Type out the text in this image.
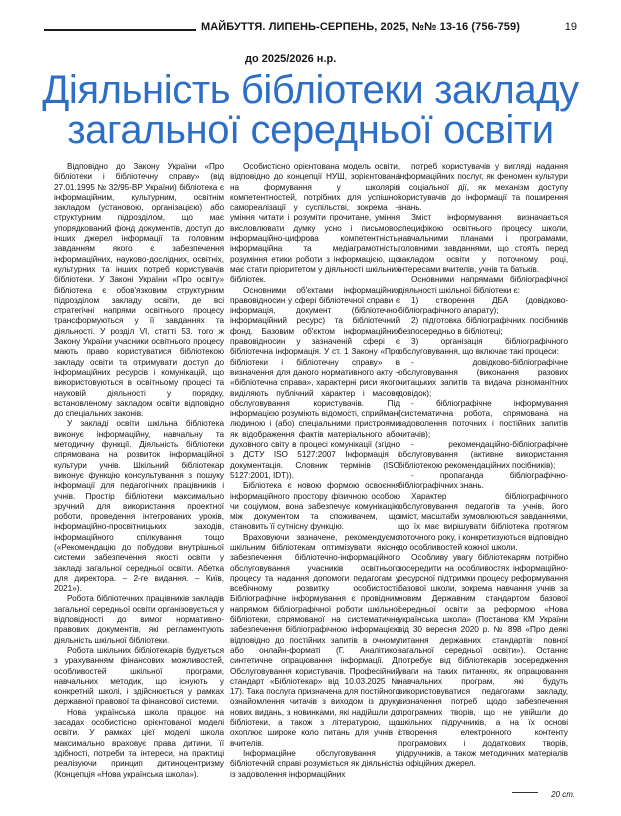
МАЙБУТТЯ. ЛИПЕНЬ-СЕРПЕНЬ, 2025, №№ 13-16 (756-759)	19
до 2025/2026 н.р.
Діяльність бібліотеки закладу
загальної середньої освіти

Відповідно до Закону України «Про бібліотеки і бібліотечну справу» (від 27.01.1995 № 32/95-ВР України) бібліотека є інформаційним, культурним, освітнім закладом (установою, організацією) або структурним підрозділом, що має упорядкований фонд документів, доступ до інших джерел інформації та головним завданням якого є забезпечення інформаційних, науково-дослідних, освітніх, культурних та інших потреб користувачів бібліотеки. У Законі України «Про освіту» бібліотека є обов'язковим структурним підрозділом закладу освіти, де всі стратегічні напрями освітнього процесу трансформуються у її завданнях та діяльності. У розділ VI, статті 53. того ж Закону України учасники освітнього процесу мають право користуватися бібліотекою закладу освіти та отримувати доступ до інформаційних ресурсів і комунікацій, що використовуються в освітньому процесі та науковій діяльності у порядку, встановленому закладом освіти відповідно до спеціальних законів.

У закладі освіти шкільна бібліотека виконує інформаційну, навчальну та методичну функції. Діяльність бібліотеки спрямована на розвиток інформаційної культури учнів. Шкільний бібліотекар виконує функцію консультування з пошуку інформації для педагогічних працівників і учнів. Простір бібліотеки максимально зручний для використання проектної роботи, проведення інтегрованих уроків, інформаційно-просвітницьких заходів, інформаційного спілкування тощо («Рекомендацію до побудови внутрішньої системи забезпечення якості освіти у закладі загальної середньої освіти. Абетка для директора. – 2-ге видання. – Київ, 2021»).

Робота бібліотечних працівників закладів загальної середньої освіти організовується у відповідності до вимог нормативно-правових документів, які регламентують діяльність шкільної бібліотеки.

Робота шкільних бібліотекарів будується з урахуванням фінансових можливостей, особливостей шкільної програми, навчальних методик, що існують у конкретній школі, і здійснюється у рамках державної правової та фінансової системи.

Нова українська школа працює на засадах особистісно орієнтованої моделі освіти. У рамках цієї моделі школа максимально враховує права дитини, її здібності, потреби та інтереси, на практиці реалізуючи принцип дитиноцентризму (Концепція «Нова українська школа»).

Особистісно орієнтована модель освіти, відповідно до концепції НУШ, зорієнтована на формування у школярів компетентностей, потрібних для успішної самореалізації у суспільстві, зокрема – уміння читати і розуміти прочитане, уміння висловлювати думку усно і письмово, інформаційно-цифрова компетентність, інформаційна та медіаграмотність, розуміння етики роботи з інформацією, що має стати пріоритетом у діяльності шкільних бібліотек.

Основними об'єктами інформаційних правовідносин у сфері бібліотечної справи є інформація, документ (бібліотечно-інформаційний ресурс) та бібліотечний фонд. Базовим об'єктом інформаційних правовідносин у зазначеній сфері є бібліотечна інформація. У ст. 1 Закону «Про бібліотеки і бібліотечну справу» в визначення для даного нормативного акту – «бібліотечна справа», характерні риси якого виділяють публічний характер і масове обслуговування користувачів. Під інформацією розуміють відомості, сприймані людиною і (або) спеціальними пристроями як відображення фактів матеріального або духовного світу в процесі комунікації (згідно з ДСТУ ISO 5127:2007 Інформація і документація. Словник термінів (ISO 5127:2001, IDT)).

Бібліотека є новою формою освоєння інформаційного простору фізичною особою чи соціумом, вона забезпечує комунікацію між документом та споживачем, що становить її сутнісну функцію.

Враховуючи зазначене, рекомендуємо шкільним бібліотекам оптимізувати якісне забезпечення бібліотечно-інформаційного обслуговування учасників освітнього процесу та надання допомоги педагогам у всебічному розвитку особистості. Бібліографічне інформування є провідним напрямом бібліографічної роботи шкільної бібліотеки, спрямованої на систематичне забезпечення бібліографічною інформацією відповідно до постійних запитів в очному або онлайн-форматі (Г. Аналітико-синтетичне опрацювання інформації. Д. Обслуговування користувачів. Професійний стандарт «Бібліотекар» від 10.03.2025 № 17). Така послуга призначена для постійного ознайомлення читачів з виходом із друку нових видань, з новинками, які надійшли до бібліотеки, а також з літературою, що охоплює широке коло питань для учнів і вчителів.

Інформаційне обслуговування у бібліотечній справі розуміється як діяльність із задоволення інформаційних

потреб користувачів у вигляді надання інформаційних послуг, як феномен культури і соціальної дії, як механізм доступу користувачів до інформації та поширення знань.

Зміст інформування визначається специфікою освітнього процесу школи, навчальними планами і програмами, головними завданнями, що стоять перед закладом освіти у поточному році, інтересами вчителів, учнів та батьків.

Основними напрямами бібліографічної діяльності шкільної бібліотеки є:

1) створення ДБА (довідково-бібліографічного апарату);

2) підготовка бібліографічних посібників безпосередньо в бібліотеці;

3) організація бібліографічного обслуговування, що включає такі процеси:

- довідково-бібліографічне обслуговування (виконання разових читацьких запитів та видача різноманітних довідок);

- бібліографічне інформування (систематична робота, спрямована на задоволення поточних і постійних запитів читачів);

- рекомендаційно-бібліографічне обслуговування (активне використання бібліотекою рекомендаційних посібників);

- пропаганда бібліографічно-бібліографічних знань.

Характер бібліографічного обслуговування педагогів та учнів, його зміст, масштаби зумовлюються завданнями, що їх має вирішувати бібліотека протягом поточного року, і конкретизуються відповідно до особливостей кожної школи.

Особливу увагу бібліотекарям потрібно зосередити на особливостях інформаційно-ресурсної підтримки процесу реформування базової школи, зокрема навчання учнів за новим Державним стандартом базової середньої освіти за реформою «Нова українська школа» (Постанова КМ України від 30 вересня 2020 р. № 898 «Про деякі питання державних стандартів повної загальної середньої освіти»). Останнє потребує від бібліотекарів зосередження уваги на таких питаннях, як опрацювання навчальних програм, які будуть використовуватися педагогами закладу, визначення потреб щодо забезпечення програмних творів, що не увійшли до шкільних підручників, а на їх основі створення електронного контенту програмових і додаткових творів, підручників, а також методичних матеріалів із офіційних джерел.

20 ст.
